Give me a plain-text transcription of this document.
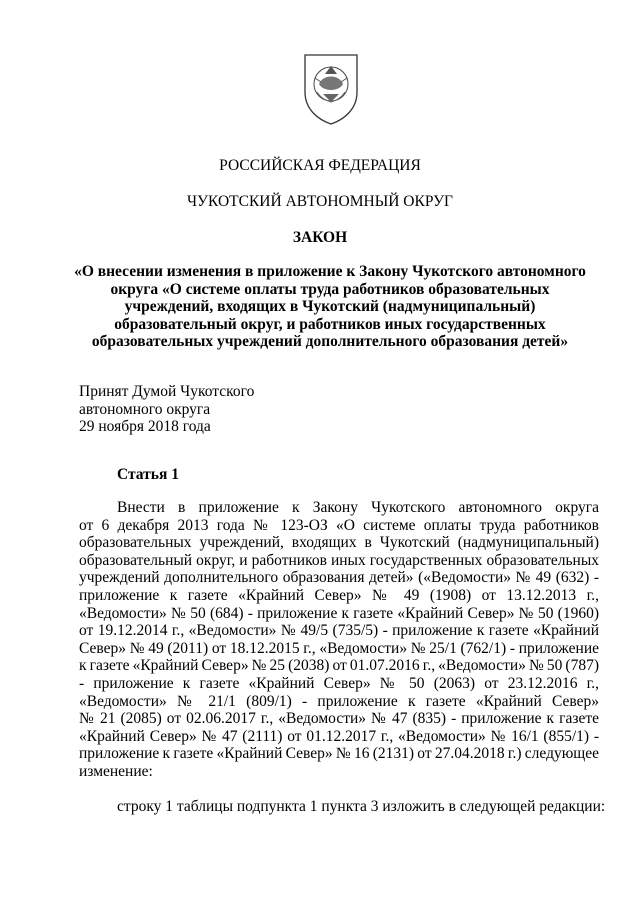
РОССИЙСКАЯ ФЕДЕРАЦИЯ
ЧУКОТСКИЙ АВТОНОМНЫЙ ОКРУГ
ЗАКОН
«О внесении изменения в приложение к Закону Чукотского автономного
округа «О системе оплаты труда работников образовательных
учреждений, входящих в Чукотский (надмуниципальный)
образовательный округ, и работников иных государственных
образовательных учреждений дополнительного образования детей»
Принят Думой Чукотского
автономного округа
29 ноября 2018 года
Статья 1
Внести в приложение к Закону Чукотского автономного округа
от 6 декабря 2013 года № 123-ОЗ «О системе оплаты труда работников
образовательных учреждений, входящих в Чукотский (надмуниципальный)
образовательный округ, и работников иных государственных образовательных
учреждений дополнительного образования детей» («Ведомости» № 49 (632) -
приложение к газете «Крайний Север» № 49 (1908) от 13.12.2013 г.,
«Ведомости» № 50 (684) - приложение к газете «Крайний Север» № 50 (1960)
от 19.12.2014 г., «Ведомости» № 49/5 (735/5) - приложение к газете «Крайний
Север» № 49 (2011) от 18.12.2015 г., «Ведомости» № 25/1 (762/1) - приложение
к газете «Крайний Север» № 25 (2038) от 01.07.2016 г., «Ведомости» № 50 (787)
- приложение к газете «Крайний Север» № 50 (2063) от 23.12.2016 г.,
«Ведомости» № 21/1 (809/1) - приложение к газете «Крайний Север»
№ 21 (2085) от 02.06.2017 г., «Ведомости» № 47 (835) - приложение к газете
«Крайний Север» № 47 (2111) от 01.12.2017 г., «Ведомости» № 16/1 (855/1) -
приложение к газете «Крайний Север» № 16 (2131) от 27.04.2018 г.) следующее
изменение:
строку 1 таблицы подпункта 1 пункта 3 изложить в следующей редакции:
